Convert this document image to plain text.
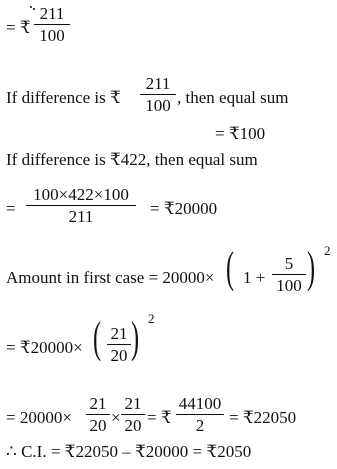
= ₹
211
100
If difference is ₹
211
100 , then equal sum
= ₹100
If difference is ₹422, then equal sum
=
100×422×100
211	= ₹20000
Amount in first case = 20000× ( 1 +
5
100 ) 2
= ₹20000× ( 21
20 ) 2
= 20000×
21
20 ×
21
20 = ₹
44100
2	= ₹22050
∴ C.I. = ₹22050 – ₹20000 = ₹2050
